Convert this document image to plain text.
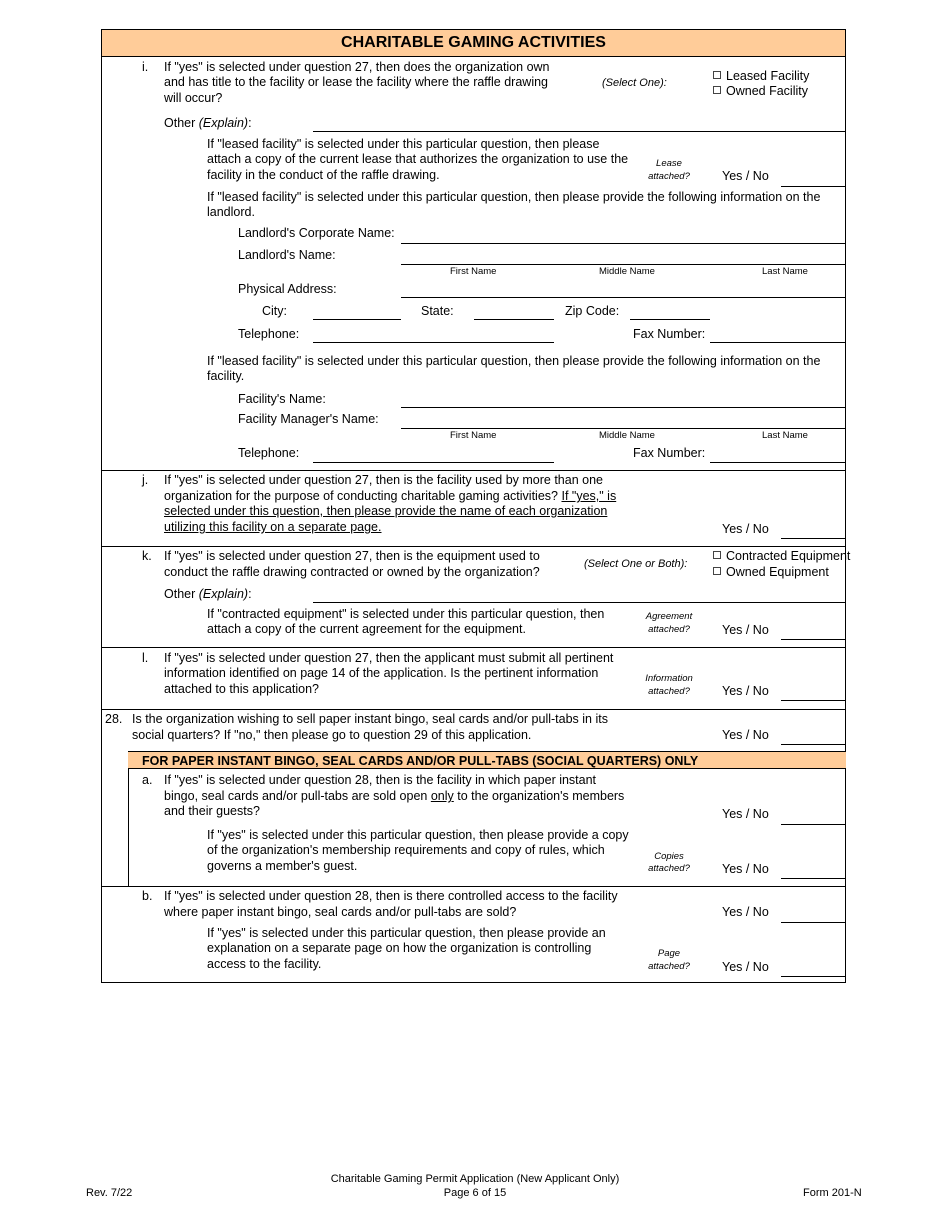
CHARITABLE GAMING ACTIVITIES
i. If "yes" is selected under question 27, then does the organization own
and has title to the facility or lease the facility where the raffle drawing
will occur?
(Select One):	Leased Facility
Owned Facility
Other (Explain):
If "leased facility" is selected under this particular question, then please
attach a copy of the current lease that authorizes the organization to use the
facility in the conduct of the raffle drawing.
Lease
attached?	Yes / No
If "leased facility" is selected under this particular question, then please provide the following information on the
landlord.
Landlord's Corporate Name:
Landlord's Name:
First Name	Middle Name	Last Name
Physical Address:
City:	State:	Zip Code:
Telephone:	Fax Number:
If "leased facility" is selected under this particular question, then please provide the following information on the
facility.
Facility's Name:
Facility Manager's Name:
First Name	Middle Name	Last Name
Telephone:	Fax Number:
j. If "yes" is selected under question 27, then is the facility used by more than one
organization for the purpose of conducting charitable gaming activities? If "yes," is
selected under this question, then please provide the name of each organization
utilizing this facility on a separate page.	Yes / No
k. If "yes" is selected under question 27, then is the equipment used to
conduct the raffle drawing contracted or owned by the organization?
(Select One or Both):
Contracted Equipment
Owned Equipment
Other (Explain):
If "contracted equipment" is selected under this particular question, then
attach a copy of the current agreement for the equipment.
Agreement
attached?	Yes / No
l. If "yes" is selected under question 27, then the applicant must submit all pertinent
information identified on page 14 of the application. Is the pertinent information
attached to this application?
Information
attached?	Yes / No
28. Is the organization wishing to sell paper instant bingo, seal cards and/or pull-tabs in its
social quarters? If "no," then please go to question 29 of this application.	Yes / No
FOR PAPER INSTANT BINGO, SEAL CARDS AND/OR PULL-TABS (SOCIAL QUARTERS) ONLY
a. If "yes" is selected under question 28, then is the facility in which paper instant
bingo, seal cards and/or pull-tabs are sold open only to the organization's members
and their guests?	Yes / No
If "yes" is selected under this particular question, then please provide a copy
of the organization's membership requirements and copy of rules, which
governs a member's guest.
Copies
attached?	Yes / No
b. If "yes" is selected under question 28, then is there controlled access to the facility
where paper instant bingo, seal cards and/or pull-tabs are sold?	Yes / No
If "yes" is selected under this particular question, then please provide an
explanation on a separate page on how the organization is controlling
access to the facility.
Page
attached?	Yes / No
Rev. 7/22
Charitable Gaming Permit Application (New Applicant Only)
Page 6 of 15	Form 201-N
